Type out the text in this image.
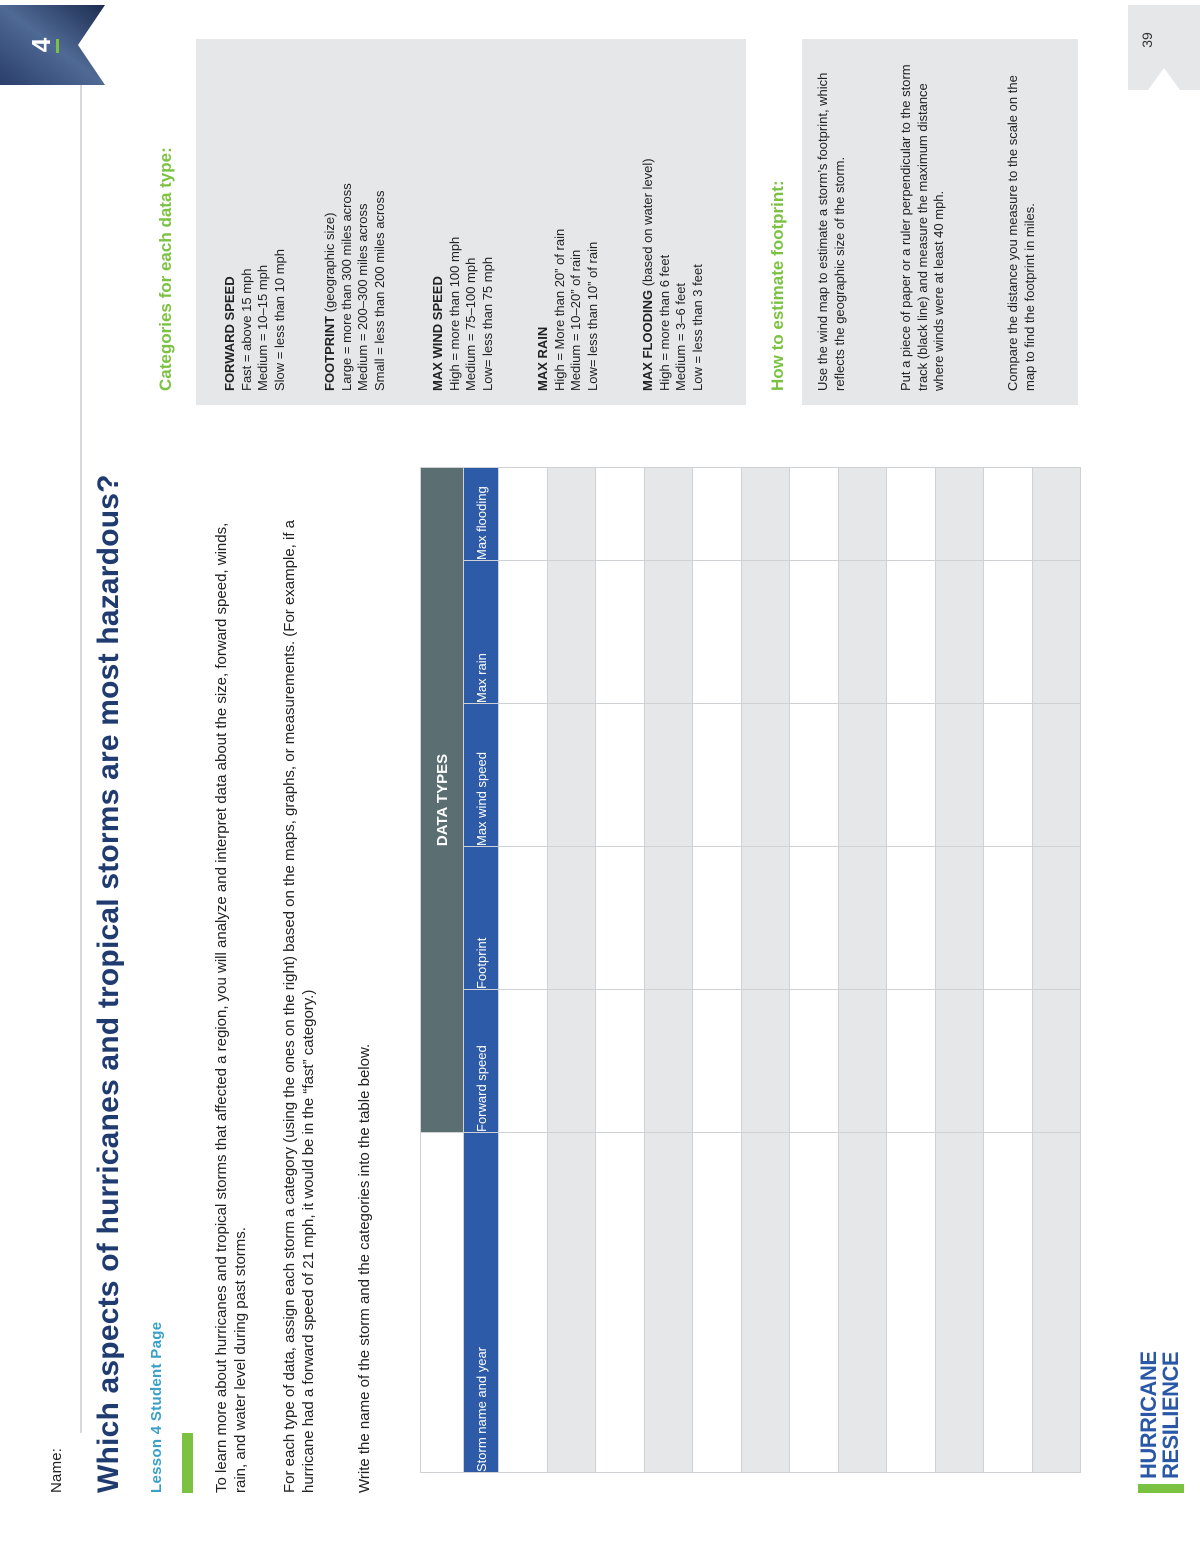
Name: Which aspects of hurricanes and tropical storms are most hazardous? Lesson 4 Student Page	To learn more about hurricanes and tropical storms that affected a region, you will analyze and interpret data about the size, forward speed, winds, rain, and water level during past storms. For each type of data, assign each storm a category (using the ones on the right) based on the maps, graphs, or measurements. (For example, if a hurricane had a forward speed of 21 mph, it would be in the “fast” category.)	Write the name of the storm and the categories into the table below.
	DATA TYPES				
Storm name and year	Forward speed	Footprint	Max wind speed	Max rain	Max flooding

Categories for each data type:	FORWARD SPEED Fast = above 15 mph Medium = 10–15 mph Slow = less than 10 mph	FOOTPRINT (geographic size) Large = more than 300 miles across Medium = 200–300 miles across Small = less than 200 miles across	MAX WIND SPEED High = more than 100 mph Medium = 75–100 mph Low= less than 75 mph	MAX RAIN High = More than 20” of rain Medium = 10–20” of rain Low= less than 10” of rain	MAX FLOODING (based on water level)
High = more than 6 feet Medium = 3–6 feet Low = less than 3 feet	How to estimate footprint: Use the wind map to estimate a storm’s footprint, which reflects the geographic size of the storm.	Put a piece of paper or a ruler perpendicular to the storm track (black line) and measure the maximum distance where winds were at least 40 mph.	Compare the distance you measure to the scale on the map to find the footprint in miles.
HURRICANE
RESILIENCE
4	39
